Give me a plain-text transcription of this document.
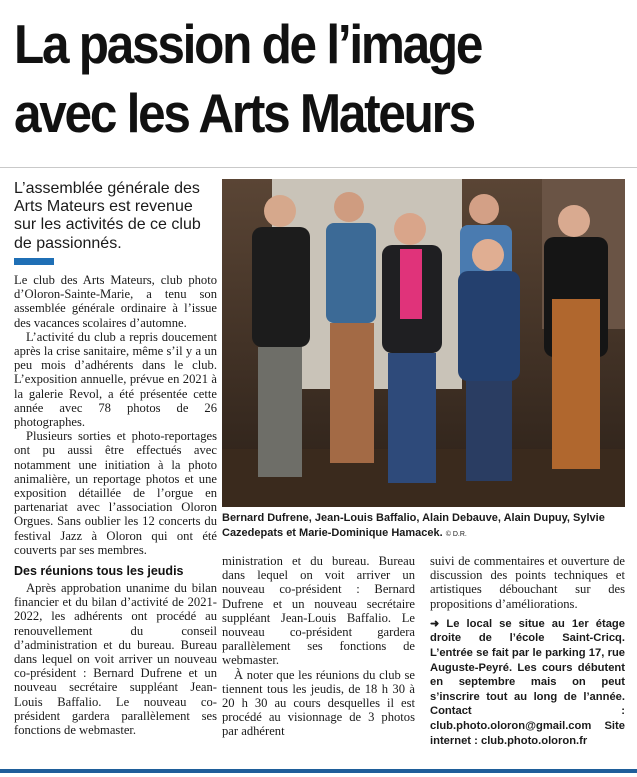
La passion de l’image
avec les Arts Mateurs
L’assemblée générale des Arts Mateurs est revenue sur les activités de ce club de passionnés.

Le club des Arts Mateurs, club photo d’Oloron-Sainte-Marie, a tenu son assemblée générale ordinaire à l’issue des vacances scolaires d’automne.

L’activité du club a repris doucement après la crise sanitaire, même s’il y a un peu mois d’adhérents dans le club. L’exposition annuelle, prévue en 2021 à la galerie Revol, a été présentée cette année avec 78 photos de 26 photographes.

Plusieurs sorties et photo-reportages ont pu aussi être effectués avec notamment une initiation à la photo animalière, un reportage photos et une exposition détaillée de l’orgue en partenariat avec l’association Oloron Orgues. Sans oublier les 12 concerts du festival Jazz à Oloron qui ont été couverts par ses membres.

Des réunions tous les jeudis

Après approbation unanime du bilan financier et du bilan d’activité de 2021-2022, les adhérents ont procédé au renouvellement du conseil d’administration et du bureau. Bureau dans lequel on voit arriver un nouveau co-président : Bernard Dufrene et un nouveau secrétaire suppléant Jean-Louis Baffalio. Le nouveau co-président gardera parallèlement ses fonctions de webmaster.

ministration et du bureau. Bureau dans lequel on voit arriver un nouveau co-président : Bernard Dufrene et un nouveau secrétaire suppléant Jean-Louis Baffalio. Le nouveau co-président gardera parallèlement ses fonctions de webmaster.

À noter que les réunions du club se tiennent tous les jeudis, de 18 h 30 à 20 h 30 au cours desquelles il est procédé au visionnage de 3 photos par adhérent

suivi de commentaires et ouverture de discussion des points techniques et artistiques débouchant sur des propositions d’améliorations.

➜ Le local se situe au 1er étage droite de l’école Saint-Cricq. L’entrée se fait par le parking 17, rue Auguste-Peyré. Les cours débutent en septembre mais on peut s’inscrire tout au long de l’année. Contact : club.photo.oloron@gmail.com Site internet : club.photo.oloron.fr
Bernard Dufrene, Jean-Louis Baffalio, Alain Debauve, Alain Dupuy, Sylvie Cazedepats et Marie-Dominique Hamacek. © D.R.
